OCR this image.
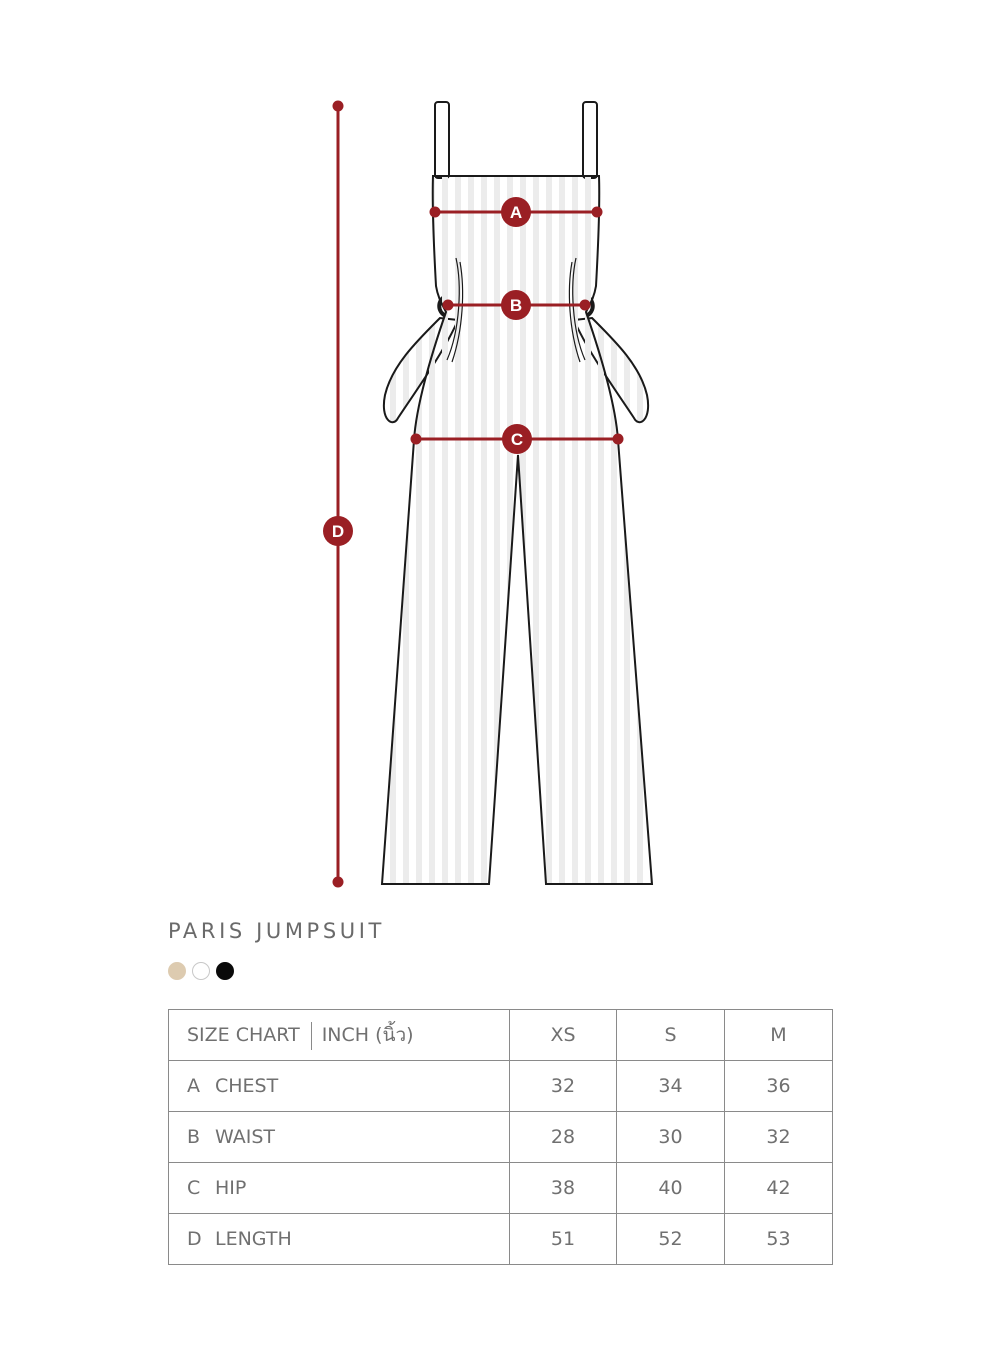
A
B
C
D
PARIS JUMPSUIT
SIZE CHART INCH (นิ้ว)	XS	S	M
A CHEST	32	34	36
B WAIST	28	30	32
C HIP	38	40	42
D LENGTH	51	52	53
